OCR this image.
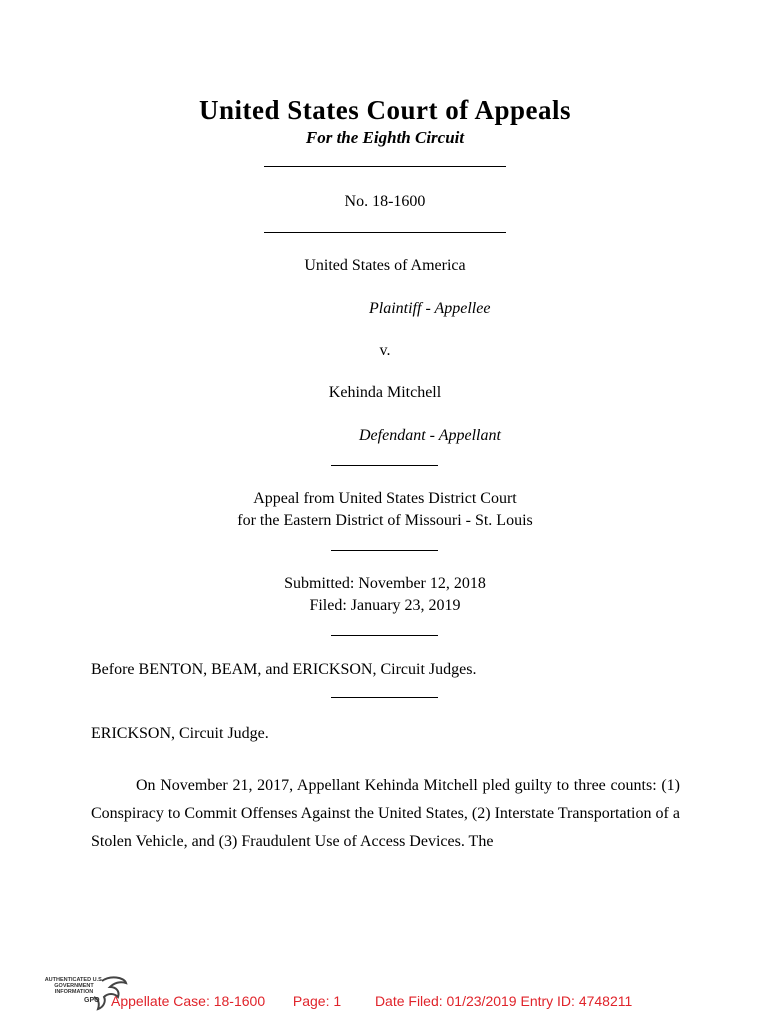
United States Court of Appeals
For the Eighth Circuit
No. 18-1600
United States of America
Plaintiff - Appellee
v.
Kehinda Mitchell
Defendant - Appellant
Appeal from United States District Court
for the Eastern District of Missouri - St. Louis
Submitted: November 12, 2018
Filed: January 23, 2019
Before BENTON, BEAM, and ERICKSON, Circuit Judges.
ERICKSON, Circuit Judge.

On November 21, 2017, Appellant Kehinda Mitchell pled guilty to three counts: (1) Conspiracy to Commit Offenses Against the United States, (2) Interstate Transportation of a Stolen Vehicle, and (3) Fraudulent Use of Access Devices. The

AUTHENTICATED U.S. GOVERNMENT INFORMATION
GPO Appellate Case: 18-1600 Page: 1 Date Filed: 01/23/2019 Entry ID: 4748211
